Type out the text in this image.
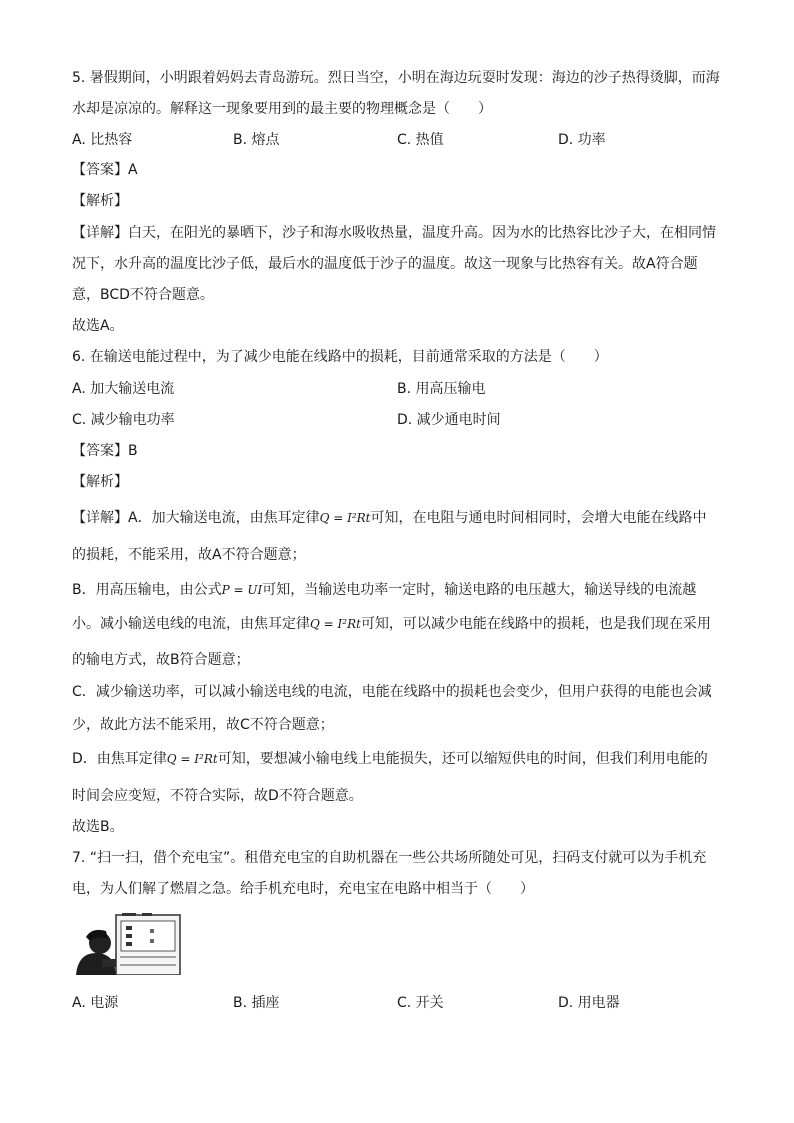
5. 暑假期间，小明跟着妈妈去青岛游玩。烈日当空，小明在海边玩耍时发现：海边的沙子热得烫脚，而海
水却是凉凉的。解释这一现象要用到的最主要的物理概念是（　　）
A. 比热容	B. 熔点	C. 热值	D. 功率
【答案】A
【解析】
【详解】白天，在阳光的暴晒下，沙子和海水吸收热量，温度升高。因为水的比热容比沙子大，在相同情
况下，水升高的温度比沙子低，最后水的温度低于沙子的温度。故这一现象与比热容有关。故A符合题
意，BCD不符合题意。
故选A。
6. 在输送电能过程中，为了减少电能在线路中的损耗，目前通常采取的方法是（　　）
A. 加大输送电流	B. 用高压输电
C. 减少输电功率	D. 减少通电时间
【答案】B
【解析】
【详解】A．加大输送电流，由焦耳定律Q = I²Rt可知，在电阻与通电时间相同时，会增大电能在线路中
的损耗，不能采用，故A不符合题意；
B．用高压输电，由公式P = UI可知，当输送电功率一定时，输送电路的电压越大，输送导线的电流越
小。减小输送电线的电流，由焦耳定律Q = I²Rt可知，可以减少电能在线路中的损耗，也是我们现在采用
的输电方式，故B符合题意；
C．减少输送功率，可以减小输送电线的电流，电能在线路中的损耗也会变少，但用户获得的电能也会减
少，故此方法不能采用，故C不符合题意；
D．由焦耳定律Q = I²Rt可知，要想减小输电线上电能损失，还可以缩短供电的时间，但我们利用电能的
时间会应变短，不符合实际，故D不符合题意。
故选B。
7. “扫一扫，借个充电宝”。租借充电宝的自助机器在一些公共场所随处可见，扫码支付就可以为手机充
电，为人们解了燃眉之急。给手机充电时，充电宝在电路中相当于（　　）
A. 电源	B. 插座	C. 开关	D. 用电器
